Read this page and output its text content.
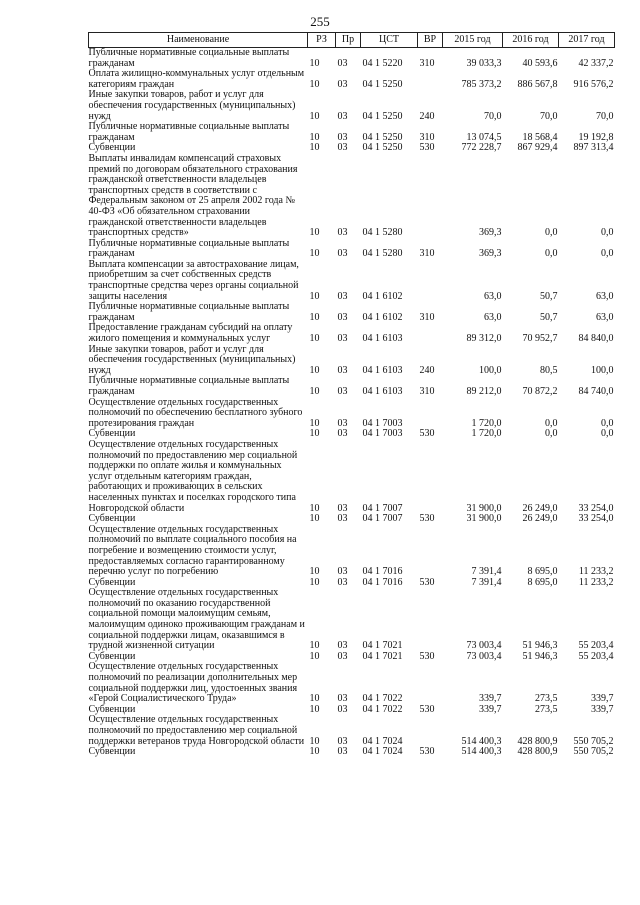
255
Наименование	РЗ	Пр	ЦСТ	ВР	2015 год	2016 год	2017 год
Публичные нормативные социальные выплаты гражданам	10	03	04 1 5220	310	39 033,3	40 593,6	42 337,2
Оплата жилищно-коммунальных услуг отдельным категориям граждан	10	03	04 1 5250		785 373,2	886 567,8	916 576,2
Иные закупки товаров, работ и услуг для обеспечения государственных (муниципальных) нужд	10	03	04 1 5250	240	70,0	70,0	70,0
Публичные нормативные социальные выплаты гражданам	10	03	04 1 5250	310	13 074,5	18 568,4	19 192,8
Субвенции	10	03	04 1 5250	530	772 228,7	867 929,4	897 313,4
Выплаты инвалидам компенсаций страховых премий по договорам обязательного страхования гражданской ответственности владельцев транспортных средств в соответствии с Федеральным законом от 25 апреля 2002 года № 40-ФЗ «Об обязательном страховании гражданской ответственности владельцев транспортных средств»	10	03	04 1 5280		369,3	0,0	0,0
Публичные нормативные социальные выплаты гражданам	10	03	04 1 5280	310	369,3	0,0	0,0
Выплата компенсации за автострахование лицам, приобретшим за счет собственных средств транспортные средства через органы социальной защиты населения	10	03	04 1 6102		63,0	50,7	63,0
Публичные нормативные социальные выплаты гражданам	10	03	04 1 6102	310	63,0	50,7	63,0
Предоставление гражданам субсидий на оплату жилого помещения и коммунальных услуг	10	03	04 1 6103		89 312,0	70 952,7	84 840,0
Иные закупки товаров, работ и услуг для обеспечения государственных (муниципальных) нужд	10	03	04 1 6103	240	100,0	80,5	100,0
Публичные нормативные социальные выплаты гражданам	10	03	04 1 6103	310	89 212,0	70 872,2	84 740,0
Осуществление отдельных государственных полномочий по обеспечению бесплатного зубного протезирования граждан	10	03	04 1 7003		1 720,0	0,0	0,0
Субвенции	10	03	04 1 7003	530	1 720,0	0,0	0,0
Осуществление отдельных государственных полномочий по предоставлению мер социальной поддержки по оплате жилья и коммунальных услуг отдельным категориям граждан, работающих и проживающих в сельских населенных пунктах и поселках городского типа Новгородской области	10	03	04 1 7007		31 900,0	26 249,0	33 254,0
Субвенции	10	03	04 1 7007	530	31 900,0	26 249,0	33 254,0
Осуществление отдельных государственных полномочий по выплате социального пособия на погребение и возмещению стоимости услуг, предоставляемых согласно гарантированному перечню услуг по погребению	10	03	04 1 7016		7 391,4	8 695,0	11 233,2
Субвенции	10	03	04 1 7016	530	7 391,4	8 695,0	11 233,2
Осуществление отдельных государственных полномочий по оказанию государственной социальной помощи малоимущим семьям, малоимущим одиноко проживающим гражданам и социальной поддержки лицам, оказавшимся в трудной жизненной ситуации	10	03	04 1 7021		73 003,4	51 946,3	55 203,4
Субвенции	10	03	04 1 7021	530	73 003,4	51 946,3	55 203,4
Осуществление отдельных государственных полномочий по реализации дополнительных мер социальной поддержки лиц, удостоенных звания «Герой Социалистического Труда»	10	03	04 1 7022		339,7	273,5	339,7
Субвенции	10	03	04 1 7022	530	339,7	273,5	339,7
Осуществление отдельных государственных полномочий по предоставлению мер социальной поддержки ветеранов труда Новгородской области	10	03	04 1 7024		514 400,3	428 800,9	550 705,2
Субвенции	10	03	04 1 7024	530	514 400,3	428 800,9	550 705,2
